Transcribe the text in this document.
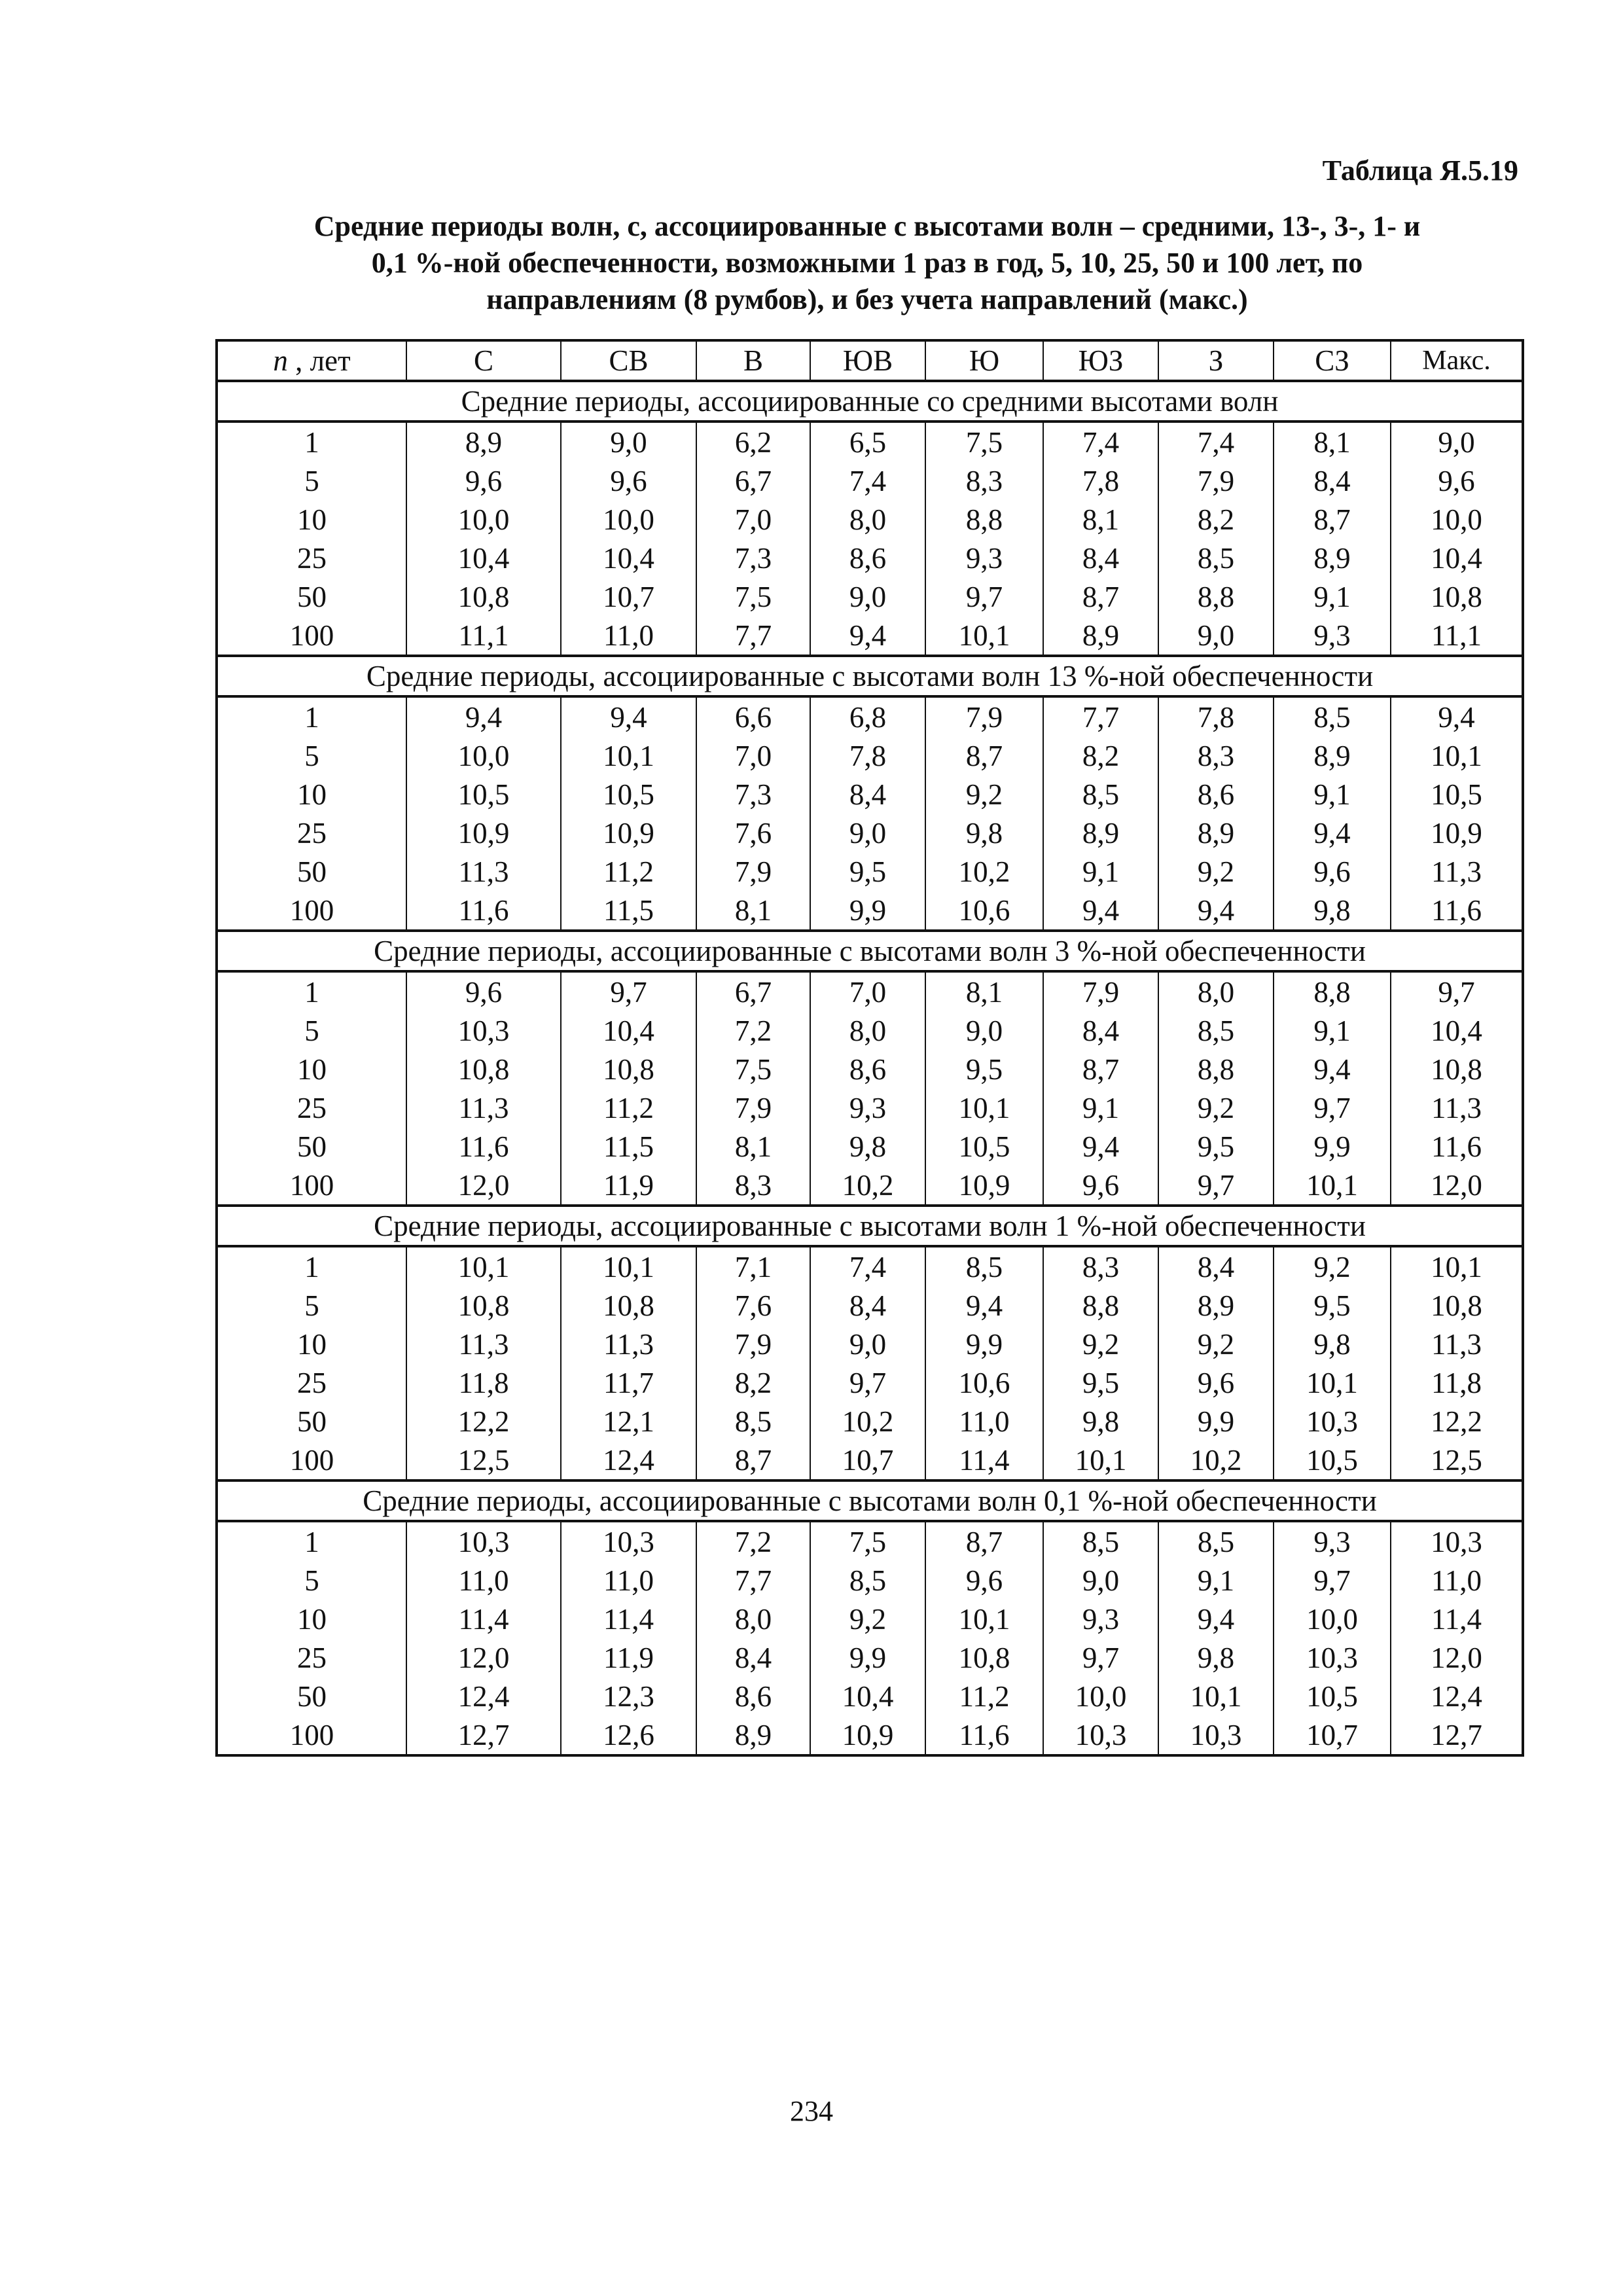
Таблица Я.5.19
Средние периоды волн, с, ассоциированные с высотами волн – средними, 13-, 3-, 1- и
0,1 %-ной обеспеченности, возможными 1 раз в год, 5, 10, 25, 50 и 100 лет, по
направлениям (8 румбов), и без учета направлений (макс.)
n , лет	С	СВ	В	ЮВ	Ю	ЮЗ	З	СЗ	Макс.
Средние периоды, ассоциированные со средними высотами волн									
1	8,9	9,0	6,2	6,5	7,5	7,4	7,4	8,1	9,0
5	9,6	9,6	6,7	7,4	8,3	7,8	7,9	8,4	9,6
10	10,0	10,0	7,0	8,0	8,8	8,1	8,2	8,7	10,0
25	10,4	10,4	7,3	8,6	9,3	8,4	8,5	8,9	10,4
50	10,8	10,7	7,5	9,0	9,7	8,7	8,8	9,1	10,8
100	11,1	11,0	7,7	9,4	10,1	8,9	9,0	9,3	11,1
Средние периоды, ассоциированные с высотами волн 13 %-ной обеспеченности									
1	9,4	9,4	6,6	6,8	7,9	7,7	7,8	8,5	9,4
5	10,0	10,1	7,0	7,8	8,7	8,2	8,3	8,9	10,1
10	10,5	10,5	7,3	8,4	9,2	8,5	8,6	9,1	10,5
25	10,9	10,9	7,6	9,0	9,8	8,9	8,9	9,4	10,9
50	11,3	11,2	7,9	9,5	10,2	9,1	9,2	9,6	11,3
100	11,6	11,5	8,1	9,9	10,6	9,4	9,4	9,8	11,6
Средние периоды, ассоциированные с высотами волн 3 %-ной обеспеченности									
1	9,6	9,7	6,7	7,0	8,1	7,9	8,0	8,8	9,7
5	10,3	10,4	7,2	8,0	9,0	8,4	8,5	9,1	10,4
10	10,8	10,8	7,5	8,6	9,5	8,7	8,8	9,4	10,8
25	11,3	11,2	7,9	9,3	10,1	9,1	9,2	9,7	11,3
50	11,6	11,5	8,1	9,8	10,5	9,4	9,5	9,9	11,6
100	12,0	11,9	8,3	10,2	10,9	9,6	9,7	10,1	12,0
Средние периоды, ассоциированные с высотами волн 1 %-ной обеспеченности									
1	10,1	10,1	7,1	7,4	8,5	8,3	8,4	9,2	10,1
5	10,8	10,8	7,6	8,4	9,4	8,8	8,9	9,5	10,8
10	11,3	11,3	7,9	9,0	9,9	9,2	9,2	9,8	11,3
25	11,8	11,7	8,2	9,7	10,6	9,5	9,6	10,1	11,8
50	12,2	12,1	8,5	10,2	11,0	9,8	9,9	10,3	12,2
100	12,5	12,4	8,7	10,7	11,4	10,1	10,2	10,5	12,5
Средние периоды, ассоциированные с высотами волн 0,1 %-ной обеспеченности									
1	10,3	10,3	7,2	7,5	8,7	8,5	8,5	9,3	10,3
5	11,0	11,0	7,7	8,5	9,6	9,0	9,1	9,7	11,0
10	11,4	11,4	8,0	9,2	10,1	9,3	9,4	10,0	11,4
25	12,0	11,9	8,4	9,9	10,8	9,7	9,8	10,3	12,0
50	12,4	12,3	8,6	10,4	11,2	10,0	10,1	10,5	12,4
100	12,7	12,6	8,9	10,9	11,6	10,3	10,3	10,7	12,7
234
